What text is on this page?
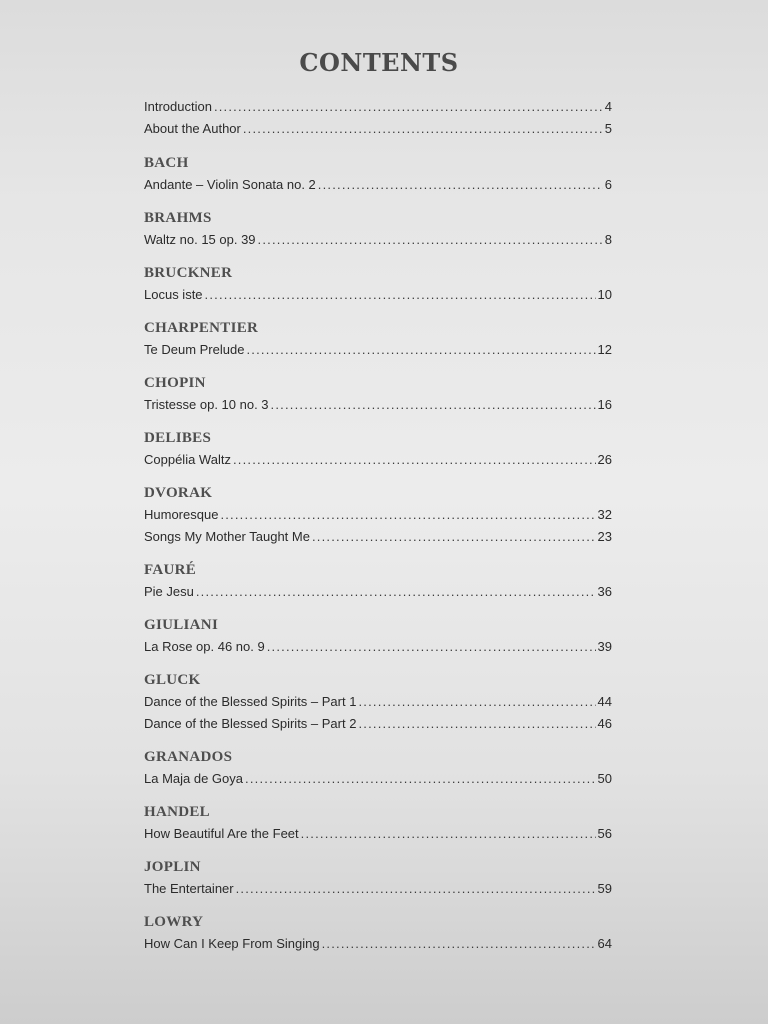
CONTENTS
Introduction .....	4
About the Author .....	5
BACH
Andante – Violin Sonata no. 2 .....	6
BRAHMS
Waltz no. 15 op. 39 .....	8
BRUCKNER
Locus iste .....	10
CHARPENTIER
Te Deum Prelude .....	12
CHOPIN
Tristesse op. 10 no. 3 .....	16
DELIBES
Coppélia Waltz .....	26
DVORAK
Humoresque .....	32
Songs My Mother Taught Me .....	23
FAURÉ
Pie Jesu .....	36
GIULIANI
La Rose op. 46 no. 9 .....	39
GLUCK
Dance of the Blessed Spirits – Part 1 .....	44
Dance of the Blessed Spirits – Part 2 .....	46
GRANADOS
La Maja de Goya .....	50
HANDEL
How Beautiful Are the Feet .....	56
JOPLIN
The Entertainer .....	59
LOWRY
How Can I Keep From Singing .....	64
